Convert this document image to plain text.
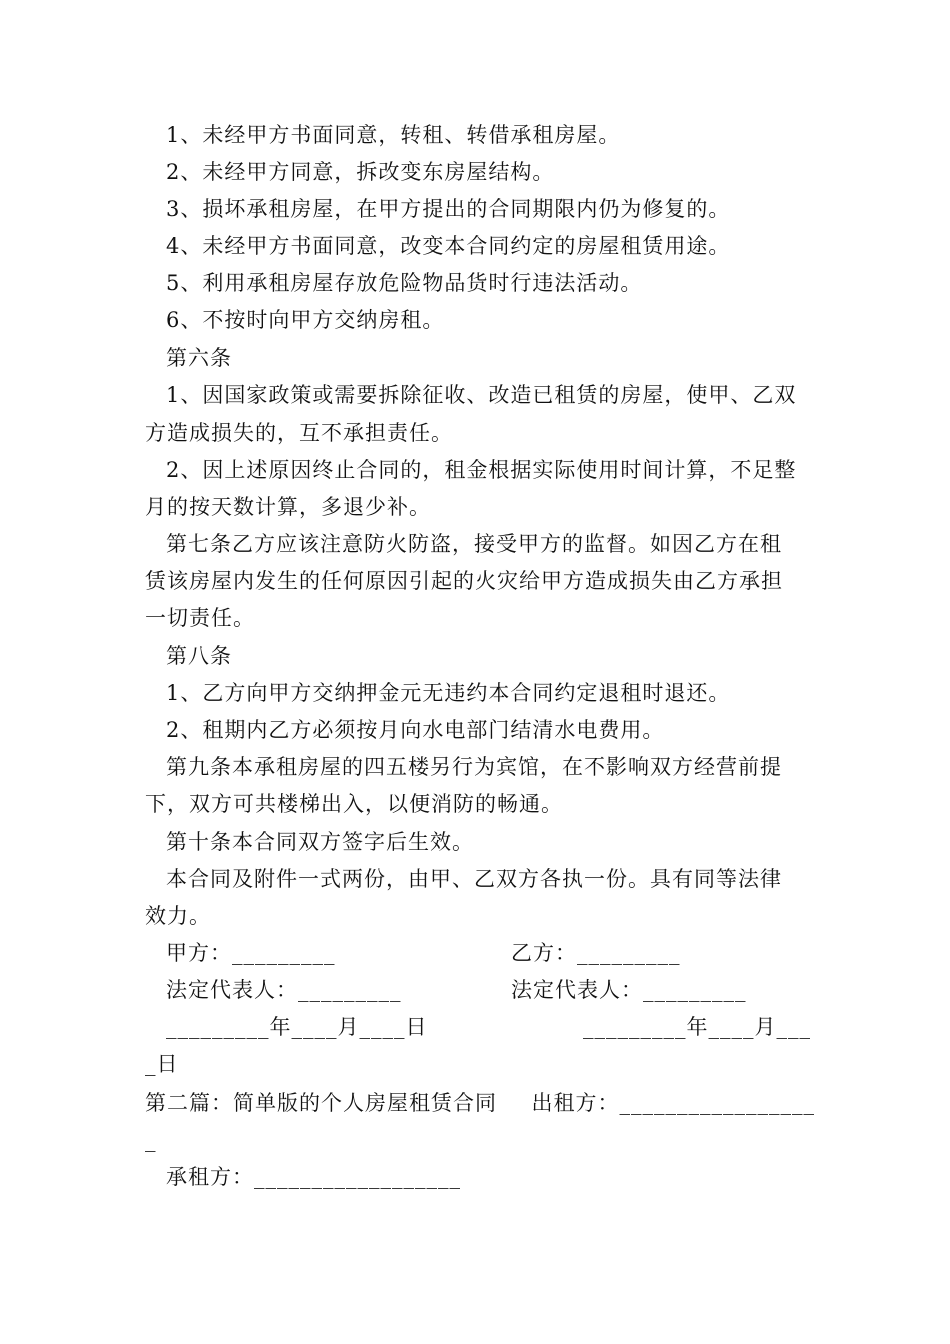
1、未经甲方书面同意，转租、转借承租房屋。
2、未经甲方同意，拆改变东房屋结构。
3、损坏承租房屋，在甲方提出的合同期限内仍为修复的。
4、未经甲方书面同意，改变本合同约定的房屋租赁用途。
5、利用承租房屋存放危险物品货时行违法活动。
6、不按时向甲方交纳房租。
第六条
1、因国家政策或需要拆除征收、改造已租赁的房屋，使甲、乙双
方造成损失的，互不承担责任。
2、因上述原因终止合同的，租金根据实际使用时间计算，不足整
月的按天数计算，多退少补。
第七条乙方应该注意防火防盗，接受甲方的监督。如因乙方在租
赁该房屋内发生的任何原因引起的火灾给甲方造成损失由乙方承担
一切责任。
第八条
1、乙方向甲方交纳押金元无违约本合同约定退租时退还。
2、租期内乙方必须按月向水电部门结清水电费用。
第九条本承租房屋的四五楼另行为宾馆，在不影响双方经营前提
下，双方可共楼梯出入，以便消防的畅通。
第十条本合同双方签字后生效。
本合同及附件一式两份，由甲、乙双方各执一份。具有同等法律
效力。
甲方：_________	乙方：_________
法定代表人：_________	法定代表人：_________
_________年____月____日	_________年____月___
_日
第二篇：简单版的个人房屋租赁合同 出租方：_________________
_
承租方：__________________
